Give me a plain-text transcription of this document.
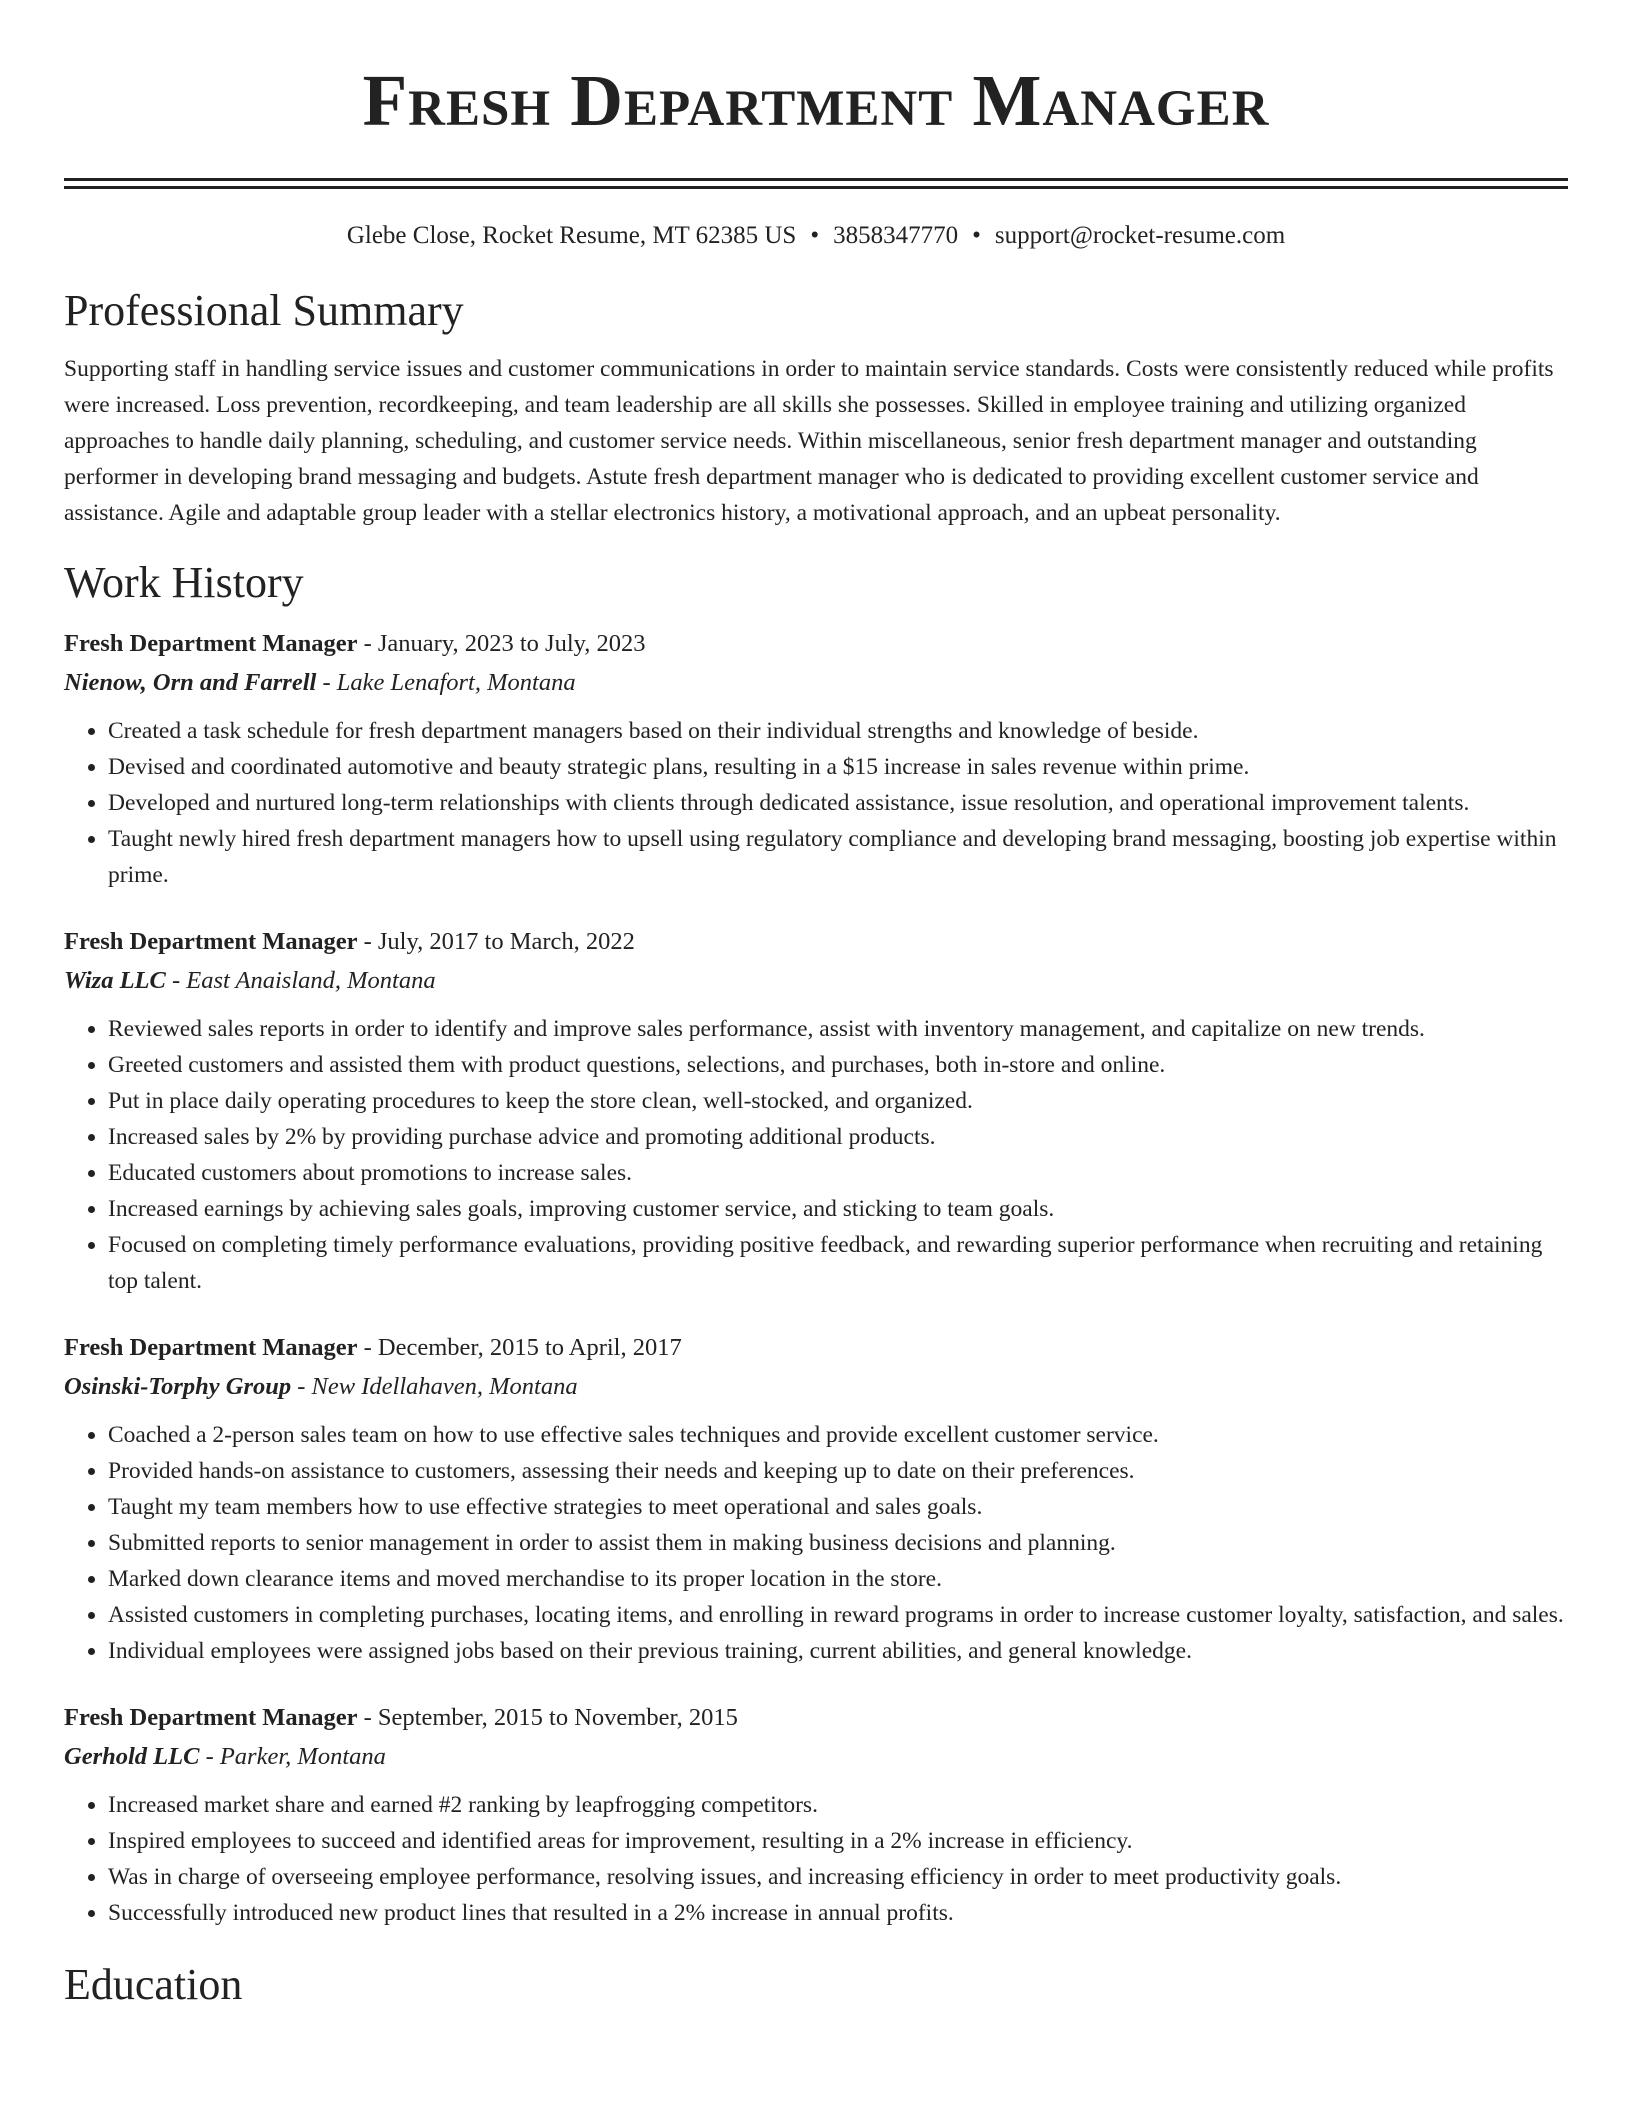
Fresh Department Manager
Glebe Close, Rocket Resume, MT 62385 US • 3858347770 • support@rocket-resume.com
Professional Summary

Supporting staff in handling service issues and customer communications in order to maintain service standards. Costs were consistently reduced while profits were increased. Loss prevention, recordkeeping, and team leadership are all skills she possesses. Skilled in employee training and utilizing organized approaches to handle daily planning, scheduling, and customer service needs. Within miscellaneous, senior fresh department manager and outstanding performer in developing brand messaging and budgets. Astute fresh department manager who is dedicated to providing excellent customer service and assistance. Agile and adaptable group leader with a stellar electronics history, a motivational approach, and an upbeat personality.

Work History
Fresh Department Manager - January, 2023 to July, 2023
Nienow, Orn and Farrell - Lake Lenafort, Montana
• Created a task schedule for fresh department managers based on their individual strengths and knowledge of beside.
• Devised and coordinated automotive and beauty strategic plans, resulting in a $15 increase in sales revenue within prime.
• Developed and nurtured long-term relationships with clients through dedicated assistance, issue resolution, and operational improvement talents.
• Taught newly hired fresh department managers how to upsell using regulatory compliance and developing brand messaging, boosting job expertise within prime.
Fresh Department Manager - July, 2017 to March, 2022
Wiza LLC - East Anaisland, Montana
• Reviewed sales reports in order to identify and improve sales performance, assist with inventory management, and capitalize on new trends.
• Greeted customers and assisted them with product questions, selections, and purchases, both in-store and online.
• Put in place daily operating procedures to keep the store clean, well-stocked, and organized.
• Increased sales by 2% by providing purchase advice and promoting additional products.
• Educated customers about promotions to increase sales.
• Increased earnings by achieving sales goals, improving customer service, and sticking to team goals.
• Focused on completing timely performance evaluations, providing positive feedback, and rewarding superior performance when recruiting and retaining top talent.
Fresh Department Manager - December, 2015 to April, 2017
Osinski-Torphy Group - New Idellahaven, Montana
• Coached a 2-person sales team on how to use effective sales techniques and provide excellent customer service.
• Provided hands-on assistance to customers, assessing their needs and keeping up to date on their preferences.
• Taught my team members how to use effective strategies to meet operational and sales goals.
• Submitted reports to senior management in order to assist them in making business decisions and planning.
• Marked down clearance items and moved merchandise to its proper location in the store.
• Assisted customers in completing purchases, locating items, and enrolling in reward programs in order to increase customer loyalty, satisfaction, and sales.
• Individual employees were assigned jobs based on their previous training, current abilities, and general knowledge.
Fresh Department Manager - September, 2015 to November, 2015
Gerhold LLC - Parker, Montana
• Increased market share and earned #2 ranking by leapfrogging competitors.
• Inspired employees to succeed and identified areas for improvement, resulting in a 2% increase in efficiency.
• Was in charge of overseeing employee performance, resolving issues, and increasing efficiency in order to meet productivity goals.
• Successfully introduced new product lines that resulted in a 2% increase in annual profits.
Education
